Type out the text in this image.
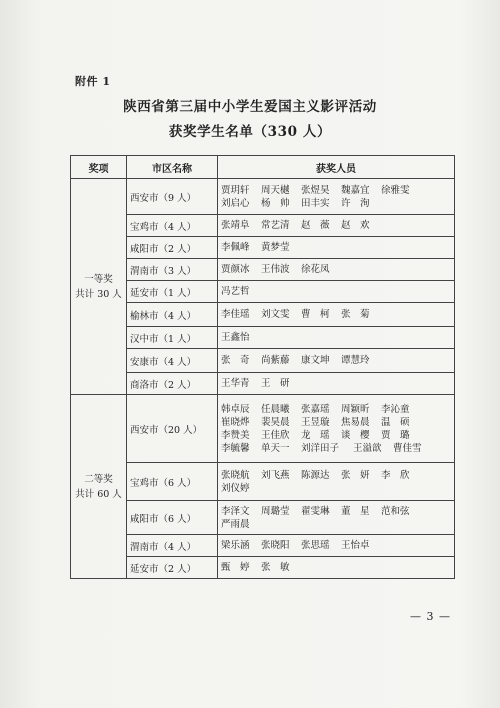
附件 1
陕西省第三届中小学生爱国主义影评活动
获奖学生名单（330 人）
奖项	市区名称	获奖人员

一等奖
共计 30 人	西安市（9 人）	贾玥轩 周天樾 张煜昊 魏嘉宜 徐雅雯刘启心 杨　帅 田丰实 许　洵
	宝鸡市（4 人）	张靖阜 常艺清 赵　薇 赵　欢
	咸阳市（2 人）	李佩峰 黄梦莹
	渭南市（3 人）	贾颜冰 王伟波 徐花凤
	延安市（1 人）	冯艺哲
	榆林市（4 人）	李佳瑶 刘文雯 曹　柯 张　菊
	汉中市（1 人）	王鑫怡
	安康市（4 人）	张　奇 尚紫藤 康文坤 谭慧玲
	商洛市（2 人）	王华青 王　研

二等奖
共计 60 人	西安市（20 人）	韩卓辰 任晨曦 张嘉瑶 周颖昕 李沁童崔晓烨 裴昊晨 王昱璇 焦易晨 温　硕李赞美 王佳欣 龙　瑶 谈　樱 贾　璐李毓馨 单天一 刘洋田子 王溢歆 曹佳雪
	宝鸡市（6 人）	张晓航 刘飞燕 陈源达 张　妍 李　欣刘仪婷
	咸阳市（6 人）	李泽文 周璐莹 翟雯琳 董　星 范和弦严雨晨
	渭南市（4 人）	梁乐涵 张晓阳 张思瑶 王怡卓
	延安市（2 人）	甄　婷 张　敏
— 3 —
